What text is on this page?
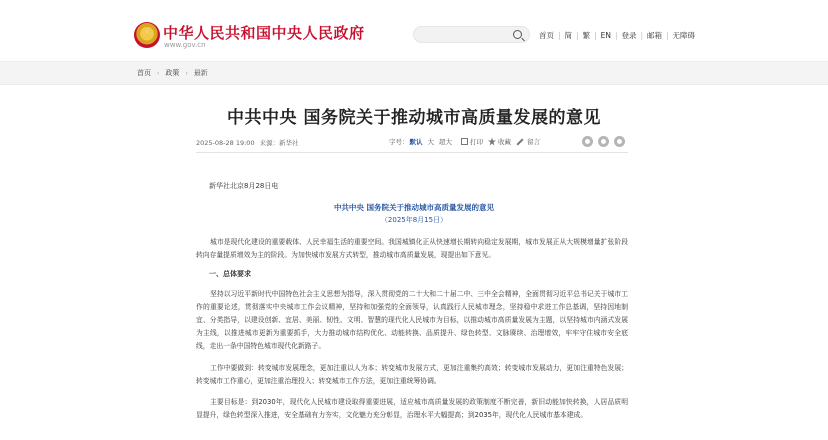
中华人民共和国中央人民政府
www.gov.cn
首页 | 简 | 繁 | EN | 登录 | 邮箱 | 无障碍
首页	› 政策	› 最新
中共中央 国务院关于推动城市高质量发展的意见
2025-08-28 19:00 来源：新华社	字号： 默认 大 超大	打印 收藏 留言

新华社北京8月28日电

中共中央 国务院关于推动城市高质量发展的意见

（2025年8月15日）

城市是现代化建设的重要载体、人民幸福生活的重要空间。我国城镇化正从快速增长期转向稳定发展期，城市发展正从大规模增量扩张阶段转向存量提质增效为主的阶段。为加快城市发展方式转型，推动城市高质量发展，现提出如下意见。

一、总体要求

坚持以习近平新时代中国特色社会主义思想为指导，深入贯彻党的二十大和二十届二中、三中全会精神，全面贯彻习近平总书记关于城市工作的重要论述，贯彻落实中央城市工作会议精神，坚持和加强党的全面领导，认真践行人民城市理念，坚持稳中求进工作总基调，坚持因地制宜、分类指导，以建设创新、宜居、美丽、韧性、文明、智慧的现代化人民城市为目标，以推动城市高质量发展为主题，以坚持城市内涵式发展为主线，以推进城市更新为重要抓手，大力推动城市结构优化、动能转换、品质提升、绿色转型、文脉赓续、治理增效，牢牢守住城市安全底线，走出一条中国特色城市现代化新路子。

工作中要做到：转变城市发展理念，更加注重以人为本；转变城市发展方式，更加注重集约高效；转变城市发展动力，更加注重特色发展；转变城市工作重心，更加注重治理投入；转变城市工作方法，更加注重统筹协调。

主要目标是：到2030年，现代化人民城市建设取得重要进展，适应城市高质量发展的政策制度不断完善，新旧动能加快转换，人居品质明显提升，绿色转型深入推进，安全基础有力夯实，文化魅力充分彰显，治理水平大幅提高；到2035年，现代化人民城市基本建成。
